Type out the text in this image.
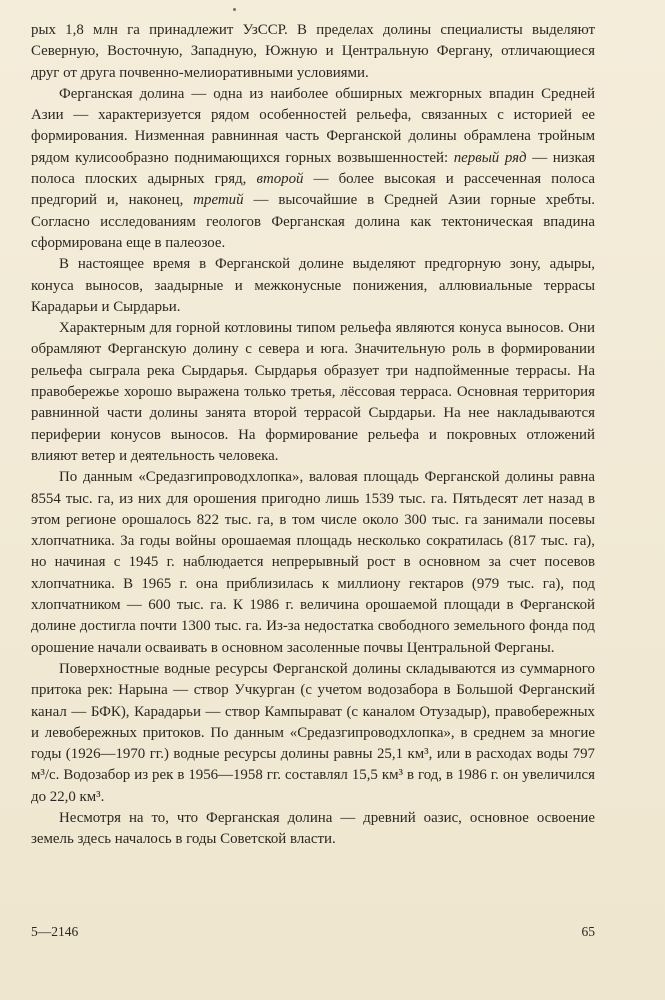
рых 1,8 млн га принадлежит УзССР. В пределах долины специалисты выделяют Северную, Восточную, Западную, Южную и Центральную Фергану, отличающиеся друг от друга почвенно-мелиоративными условиями.

Ферганская долина — одна из наиболее обширных межгорных впадин Средней Азии — характеризуется рядом особенностей рельефа, связанных с историей ее формирования. Низменная равнинная часть Ферганской долины обрамлена тройным рядом кулисообразно поднимающихся горных возвышенностей: первый ряд — низкая полоса плоских адырных гряд, второй — более высокая и рассеченная полоса предгорий и, наконец, третий — высочайшие в Средней Азии горные хребты. Согласно исследованиям геологов Ферганская долина как тектоническая впадина сформирована еще в палеозое.

В настоящее время в Ферганской долине выделяют предгорную зону, адыры, конуса выносов, заадырные и межконусные понижения, аллювиальные террасы Карадарьи и Сырдарьи.

Характерным для горной котловины типом рельефа являются конуса выносов. Они обрамляют Ферганскую долину с севера и юга. Значительную роль в формировании рельефа сыграла река Сырдарья. Сырдарья образует три надпойменные террасы. На правобережье хорошо выражена только третья, лёссовая терраса. Основная территория равнинной части долины занята второй террасой Сырдарьи. На нее накладываются периферии конусов выносов. На формирование рельефа и покровных отложений влияют ветер и деятельность человека.

По данным «Средазгипроводхлопка», валовая площадь Ферганской долины равна 8554 тыс. га, из них для орошения пригодно лишь 1539 тыс. га. Пятьдесят лет назад в этом регионе орошалось 822 тыс. га, в том числе около 300 тыс. га занимали посевы хлопчатника. За годы войны орошаемая площадь несколько сократилась (817 тыс. га), но начиная с 1945 г. наблюдается непрерывный рост в основном за счет посевов хлопчатника. В 1965 г. она приблизилась к миллиону гектаров (979 тыс. га), под хлопчатником — 600 тыс. га. К 1986 г. величина орошаемой площади в Ферганской долине достигла почти 1300 тыс. га. Из-за недостатка свободного земельного фонда под орошение начали осваивать в основном засоленные почвы Центральной Ферганы.

Поверхностные водные ресурсы Ферганской долины складываются из суммарного притока рек: Нарына — створ Учкурган (с учетом водозабора в Большой Ферганский канал — БФК), Карадарьи — створ Кампырават (с каналом Отузадыр), правобережных и левобережных притоков. По данным «Средазгипроводхлопка», в среднем за многие годы (1926—1970 гг.) водные ресурсы долины равны 25,1 км³, или в расходах воды 797 м³/с. Водозабор из рек в 1956—1958 гг. составлял 15,5 км³ в год, в 1986 г. он увеличился до 22,0 км³.

Несмотря на то, что Ферганская долина — древний оазис, основное освоение земель здесь началось в годы Советской власти.

5—2146	65
